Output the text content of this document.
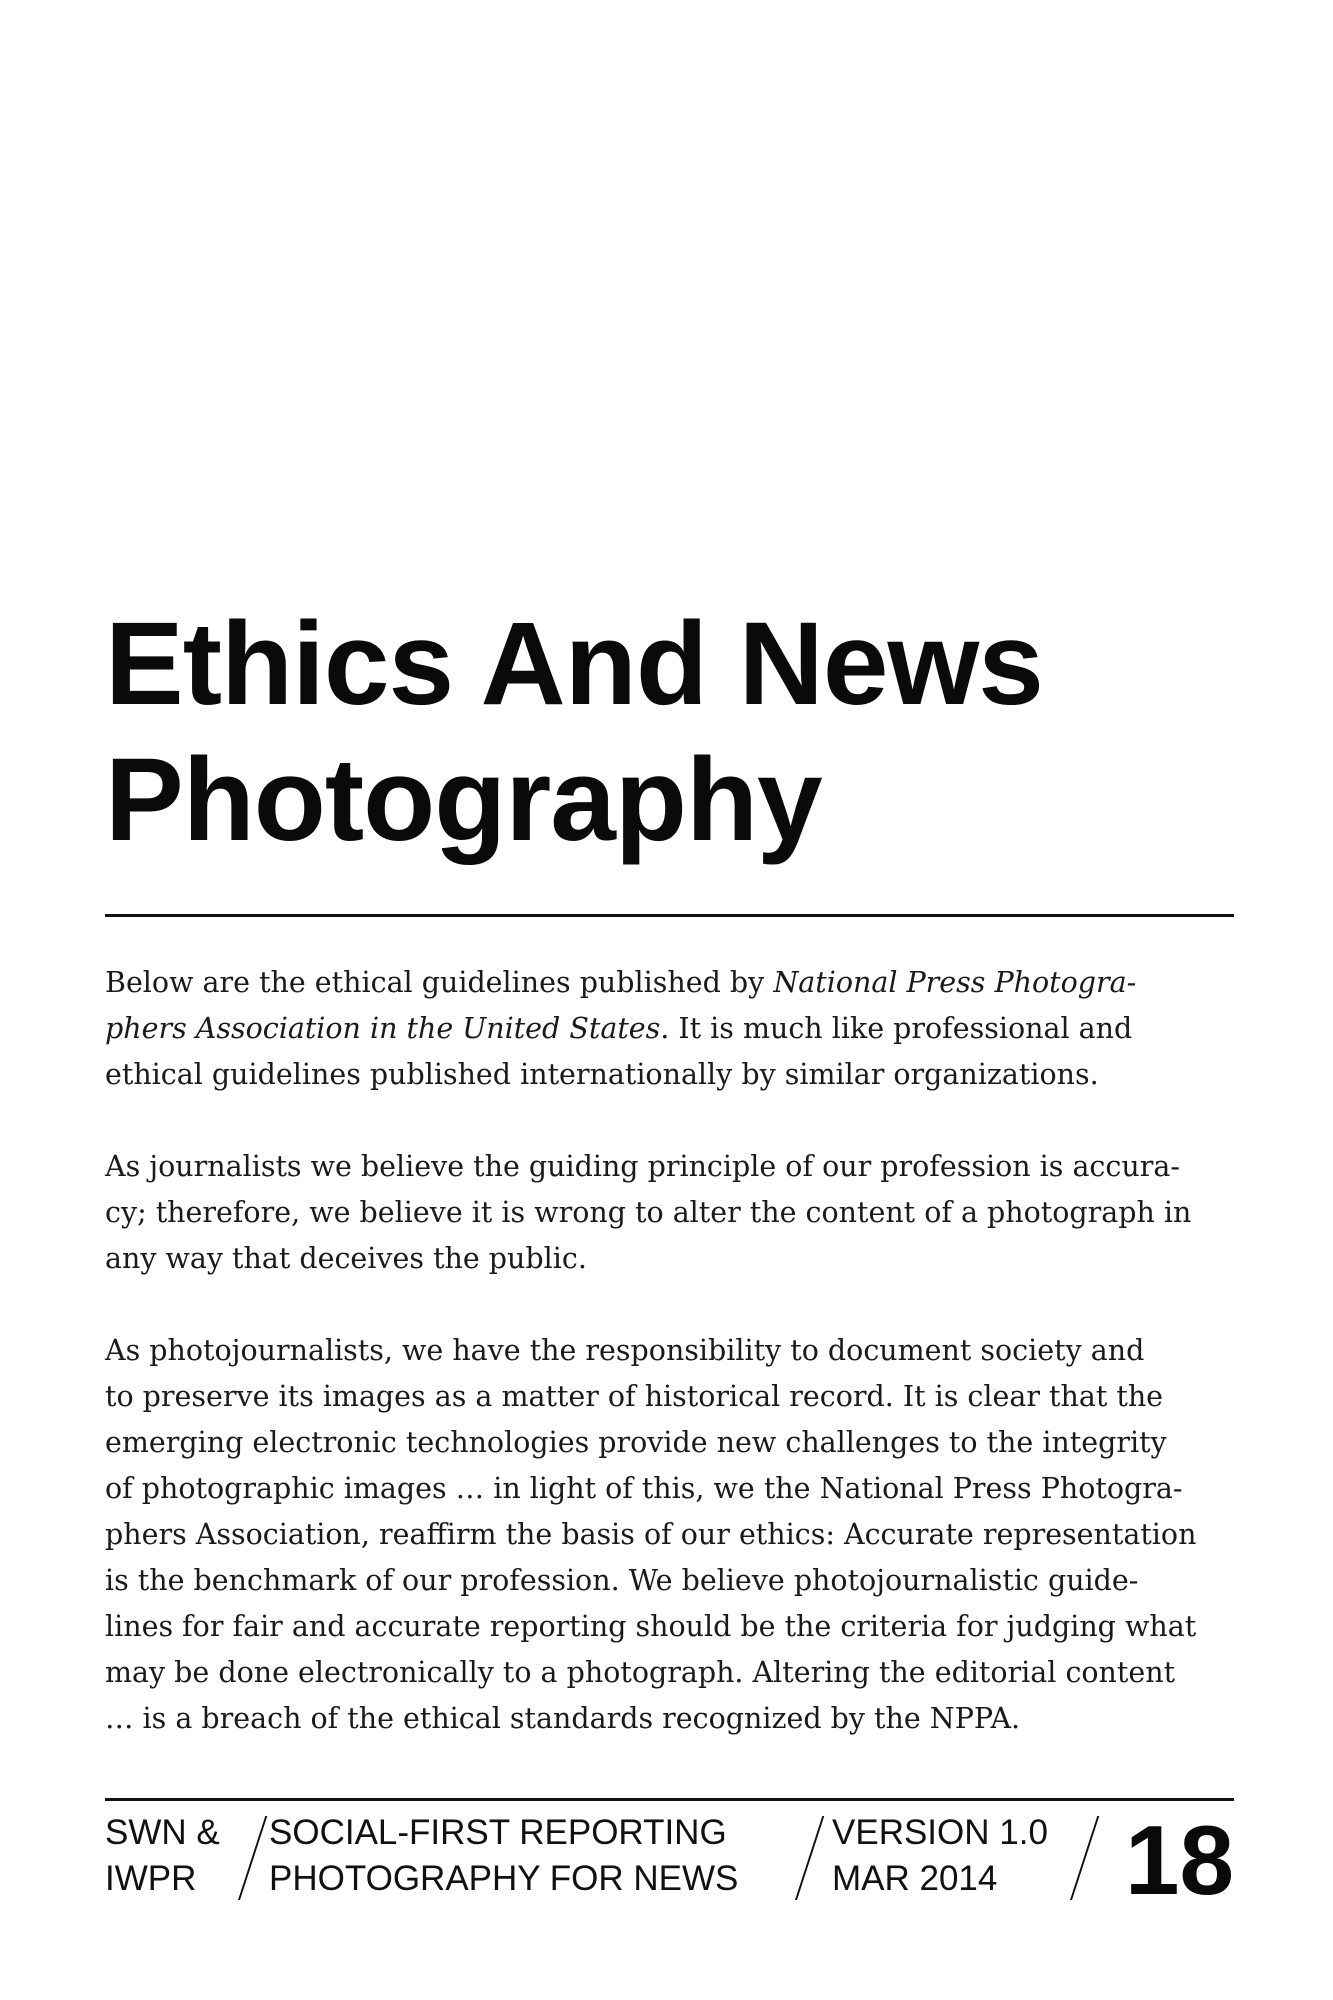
Ethics And News
Photography

Below are the ethical guidelines published by National Press Photogra-
phers Association in the United States. It is much like professional and
ethical guidelines published internationally by similar organizations.

As journalists we believe the guiding principle of our profession is accura-
cy; therefore, we believe it is wrong to alter the content of a photograph in
any way that deceives the public.

As photojournalists, we have the responsibility to document society and
to preserve its images as a matter of historical record. It is clear that the
emerging electronic technologies provide new challenges to the integrity
of photographic images … in light of this, we the National Press Photogra-
phers Association, reaffirm the basis of our ethics: Accurate representation
is the benchmark of our profession. We believe photojournalistic guide-
lines for fair and accurate reporting should be the criteria for judging what
may be done electronically to a photograph. Altering the editorial content
… is a breach of the ethical standards recognized by the NPPA.

SWN &
IWPR
SOCIAL-FIRST REPORTING
PHOTOGRAPHY FOR NEWS
VERSION 1.0
MAR 2014	18
